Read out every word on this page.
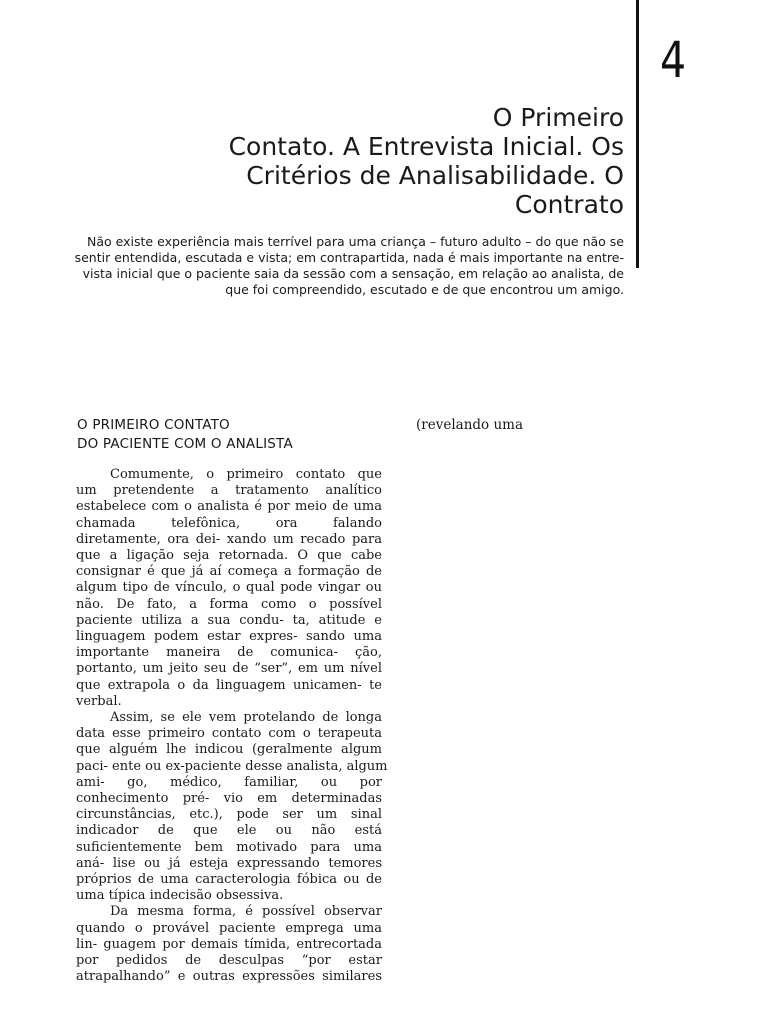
4
O Primeiro
Contato. A Entrevista Inicial. Os
Critérios de Analisabilidade. O
Contrato
Não existe experiência mais terrível para uma criança – futuro adulto – do que não se
sentir entendida, escutada e vista; em contrapartida, nada é mais importante na entre-
vista inicial que o paciente saia da sessão com a sensação, em relação ao analista, de
que foi compreendido, escutado e de que encontrou um amigo.
O PRIMEIRO CONTATO
DO PACIENTE COM O ANALISTA
(revelando uma
Comumente, o primeiro contato que
um pretendente a tratamento analítico
estabelece com o analista é por meio de uma
chamada telefônica, ora falando
diretamente, ora dei- xando um recado para
que a ligação seja retornada. O que cabe
consignar é que já aí começa a formação de
algum tipo de vínculo, o qual pode vingar ou
não. De fato, a forma como o possível
paciente utiliza a sua condu- ta, atitude e
linguagem podem estar expres- sando uma
importante maneira de comunica- ção,
portanto, um jeito seu de “ser”, em um nível
que extrapola o da linguagem unicamen- te
verbal.
Assim, se ele vem protelando de longa
data esse primeiro contato com o terapeuta
que alguém lhe indicou (geralmente algum
paci- ente ou ex-paciente desse analista, algum
ami- go, médico, familiar, ou por
conhecimento pré- vio em determinadas
circunstâncias, etc.), pode ser um sinal
indicador de que ele ou não está
suficientemente bem motivado para uma
aná- lise ou já esteja expressando temores
próprios de uma caracterologia fóbica ou de
uma típica indecisão obsessiva.
Da mesma forma, é possível observar
quando o provável paciente emprega uma
lin- guagem por demais tímida, entrecortada
por pedidos de desculpas “por estar
atrapalhando” e outras expressões similares
